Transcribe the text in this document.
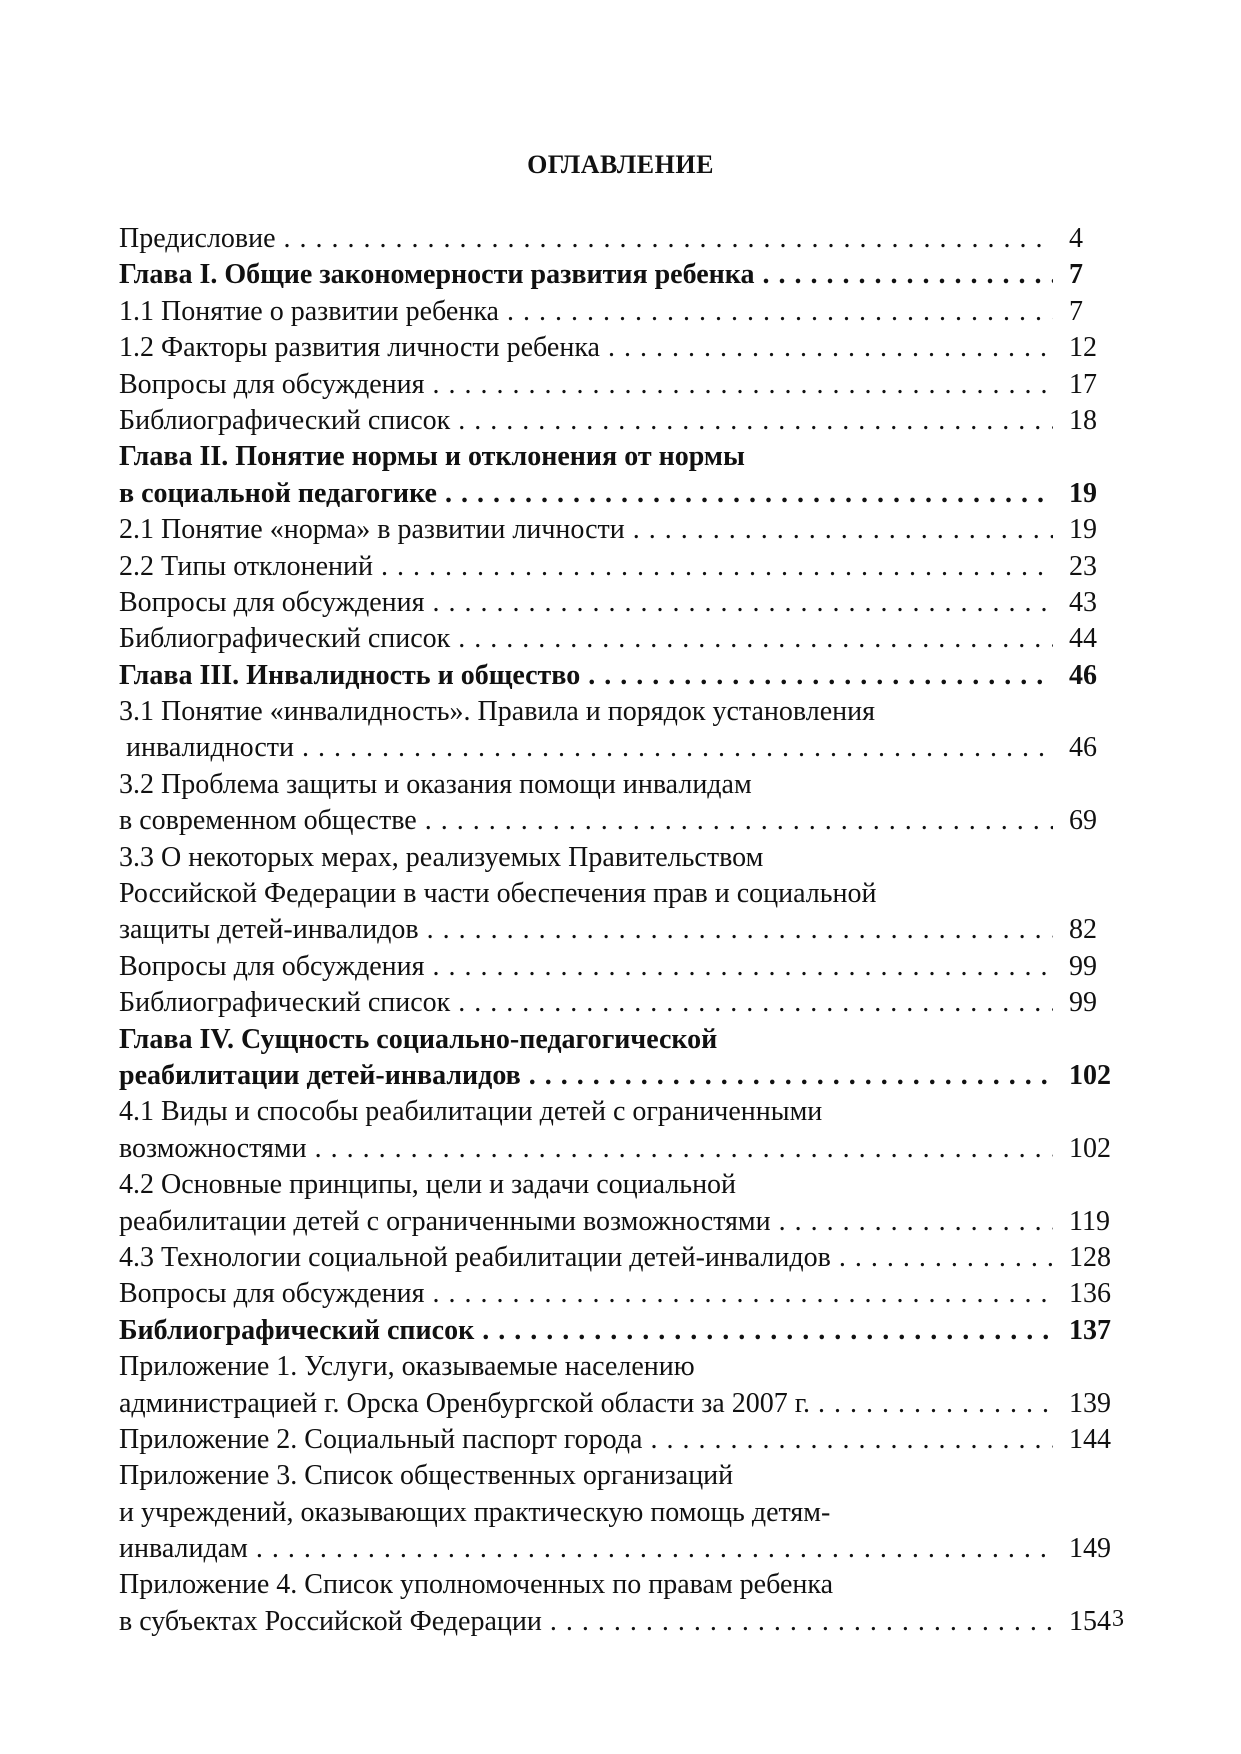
ОГЛАВЛЕНИЕ
Предисловие . . .	4
Глава I. Общие закономерности развития ребенка . . .	7
1.1 Понятие о развитии ребенка . . .	7
1.2 Факторы развития личности ребенка . . .	12
Вопросы для обсуждения . . .	17
Библиографический список . . .	18
Глава II. Понятие нормы и отклонения от нормы
в социальной педагогике . . .	19
2.1 Понятие «норма» в развитии личности . . .	19
2.2 Типы отклонений . . .	23
Вопросы для обсуждения . . .	43
Библиографический список . . .	44
Глава III. Инвалидность и общество . . .	46
3.1 Понятие «инвалидность». Правила и порядок установления
инвалидности . . .	46
3.2 Проблема защиты и оказания помощи инвалидам
в современном обществе . . .	69
3.3 О некоторых мерах, реализуемых Правительством
Российской Федерации в части обеспечения прав и социальной
защиты детей-инвалидов . . .	82
Вопросы для обсуждения . . .	99
Библиографический список . . .	99
Глава IV. Сущность социально-педагогической
реабилитации детей-инвалидов . . .	102
4.1 Виды и способы реабилитации детей с ограниченными
возможностями . . .	102
4.2 Основные принципы, цели и задачи социальной
реабилитации детей с ограниченными возможностями . . .	119
4.3 Технологии социальной реабилитации детей-инвалидов . . .	128
Вопросы для обсуждения . . .	136
Библиографический список . . .	137
Приложение 1. Услуги, оказываемые населению
администрацией г. Орска Оренбургской области за 2007 г. . . .	139
Приложение 2. Социальный паспорт города . . .	144
Приложение 3. Список общественных организаций
и учреждений, оказывающих практическую помощь детям-
инвалидам . . .	149
Приложение 4. Список уполномоченных по правам ребенка
в субъектах Российской Федерации . . .	154 3
